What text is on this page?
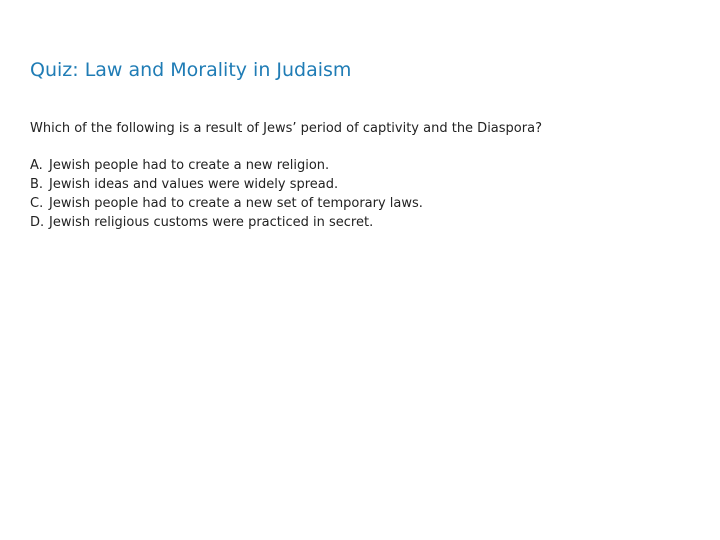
Quiz: Law and Morality in Judaism
Which of the following is a result of Jews’ period of captivity and the Diaspora?
A. Jewish people had to create a new religion.
B. Jewish ideas and values were widely spread.
C. Jewish people had to create a new set of temporary laws.
D. Jewish religious customs were practiced in secret.
